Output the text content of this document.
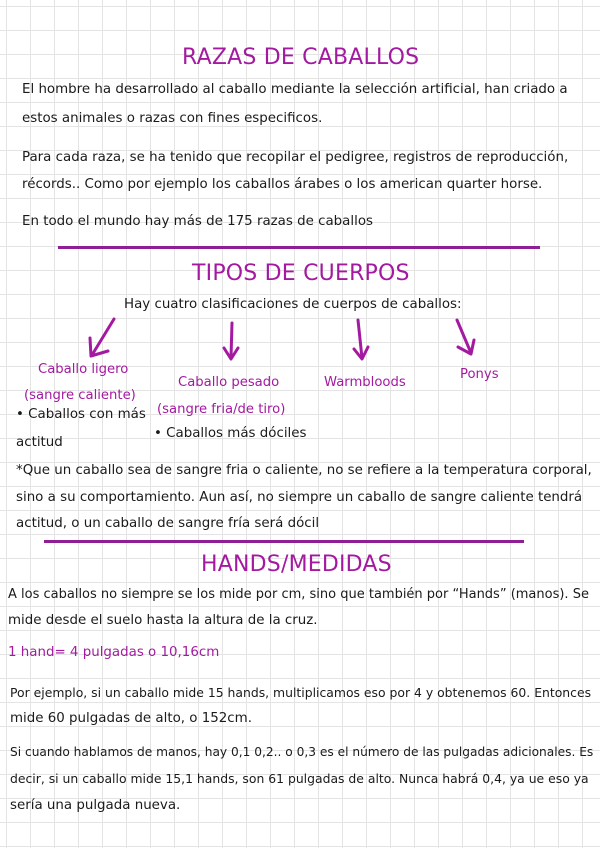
RAZAS DE CABALLOS
El hombre ha desarrollado al caballo mediante la selección artificial, han criado a
estos animales o razas con fines especificos.
Para cada raza, se ha tenido que recopilar el pedigree, registros de reproducción,
récords.. Como por ejemplo los caballos árabes o los american quarter horse.
En todo el mundo hay más de 175 razas de caballos
TIPOS DE CUERPOS
Hay cuatro clasificaciones de cuerpos de caballos:
Caballo ligero
(sangre caliente)
• Caballos con más
actitud
Caballo pesado
(sangre fria/de tiro)
• Caballos más dóciles
Warmbloods
Ponys
*Que un caballo sea de sangre fria o caliente, no se refiere a la temperatura corporal,
sino a su comportamiento. Aun así, no siempre un caballo de sangre caliente tendrá
actitud, o un caballo de sangre fría será dócil
HANDS/MEDIDAS
A los caballos no siempre se los mide por cm, sino que también por “Hands” (manos). Se
mide desde el suelo hasta la altura de la cruz.
1 hand= 4 pulgadas o 10,16cm
Por ejemplo, si un caballo mide 15 hands, multiplicamos eso por 4 y obtenemos 60. Entonces
mide 60 pulgadas de alto, o 152cm.
Si cuando hablamos de manos, hay 0,1 0,2.. o 0,3 es el número de las pulgadas adicionales. Es
decir, si un caballo mide 15,1 hands, son 61 pulgadas de alto. Nunca habrá 0,4, ya ue eso ya
sería una pulgada nueva.
